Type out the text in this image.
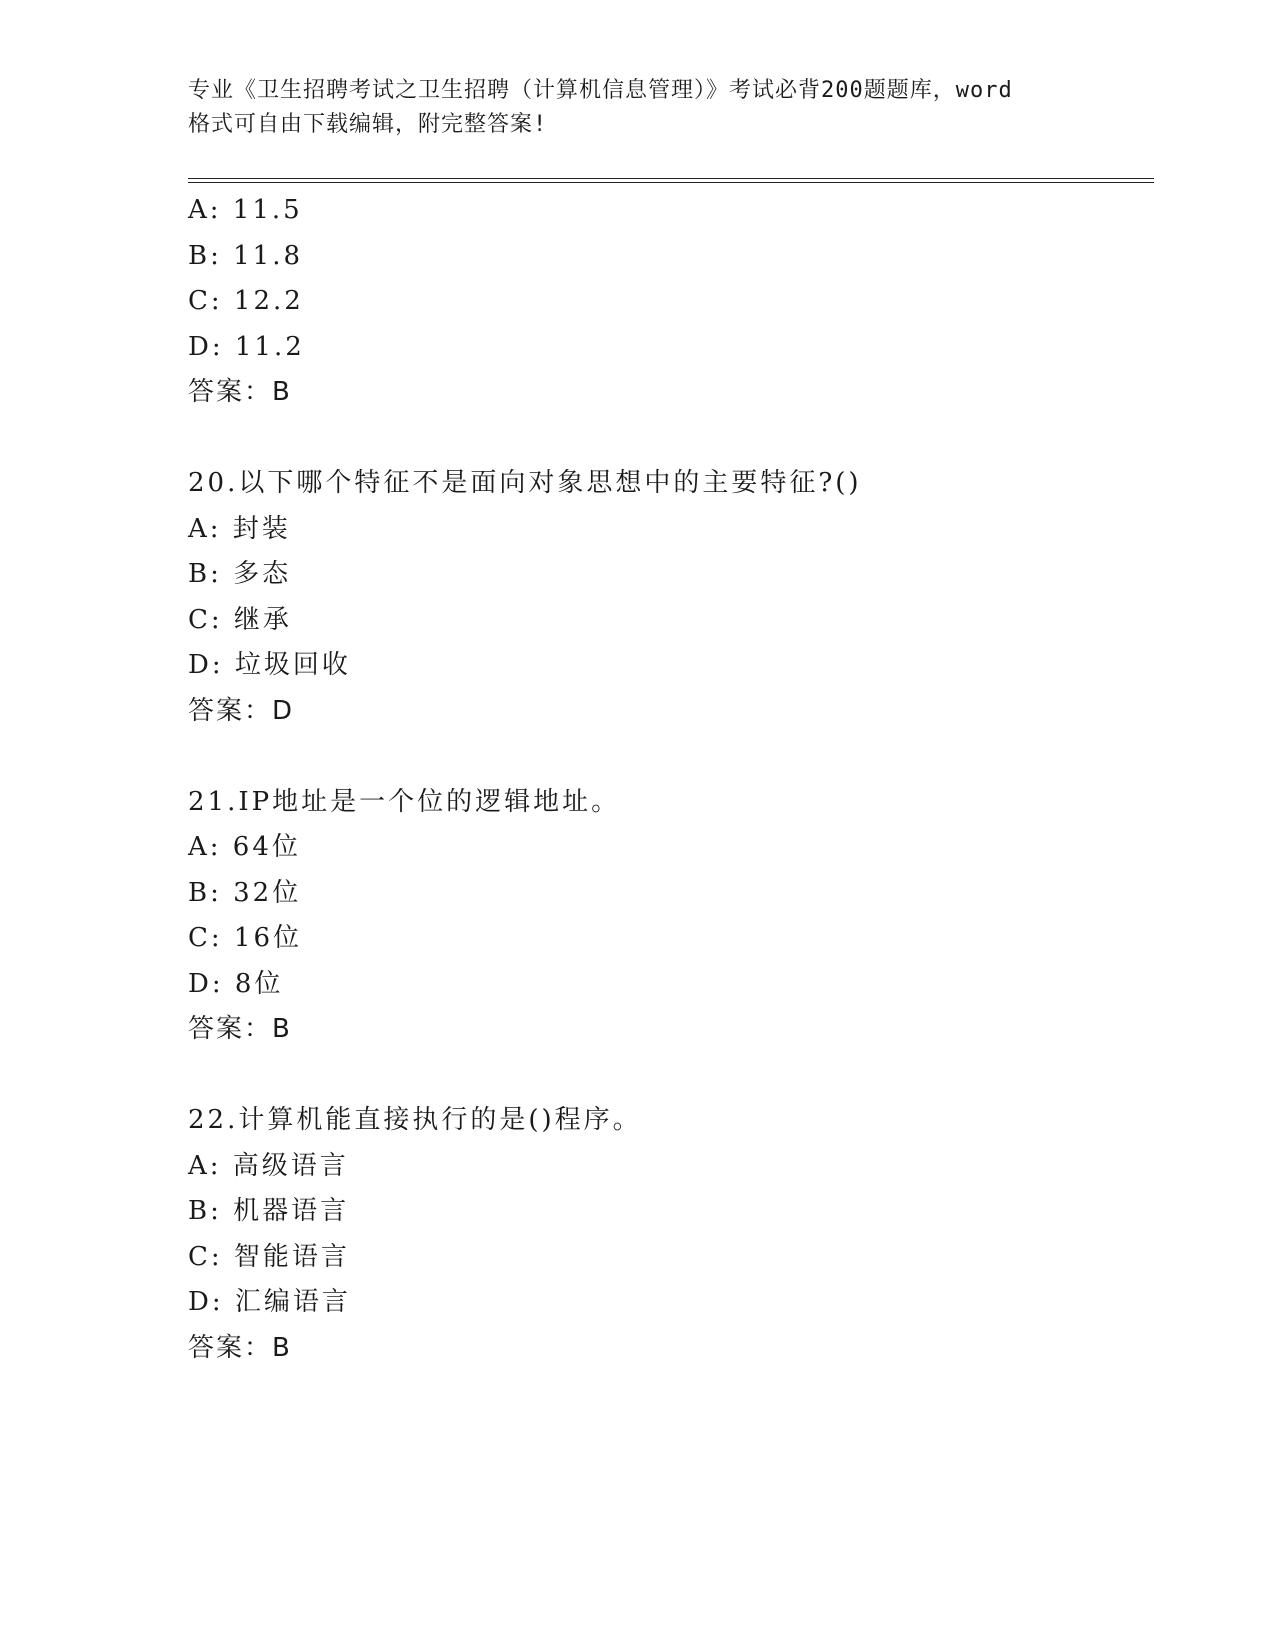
专业《卫生招聘考试之卫生招聘（计算机信息管理）》考试必背200题题库，word
格式可自由下载编辑，附完整答案!
A: 11.5
B: 11.8
C: 12.2
D: 11.2
答案：B
20.以下哪个特征不是面向对象思想中的主要特征?()
A: 封装
B: 多态
C: 继承
D: 垃圾回收
答案：D
21.IP地址是一个位的逻辑地址。
A: 64位
B: 32位
C: 16位
D: 8位
答案：B
22.计算机能直接执行的是()程序。
A: 高级语言
B: 机器语言
C: 智能语言
D: 汇编语言
答案：B
